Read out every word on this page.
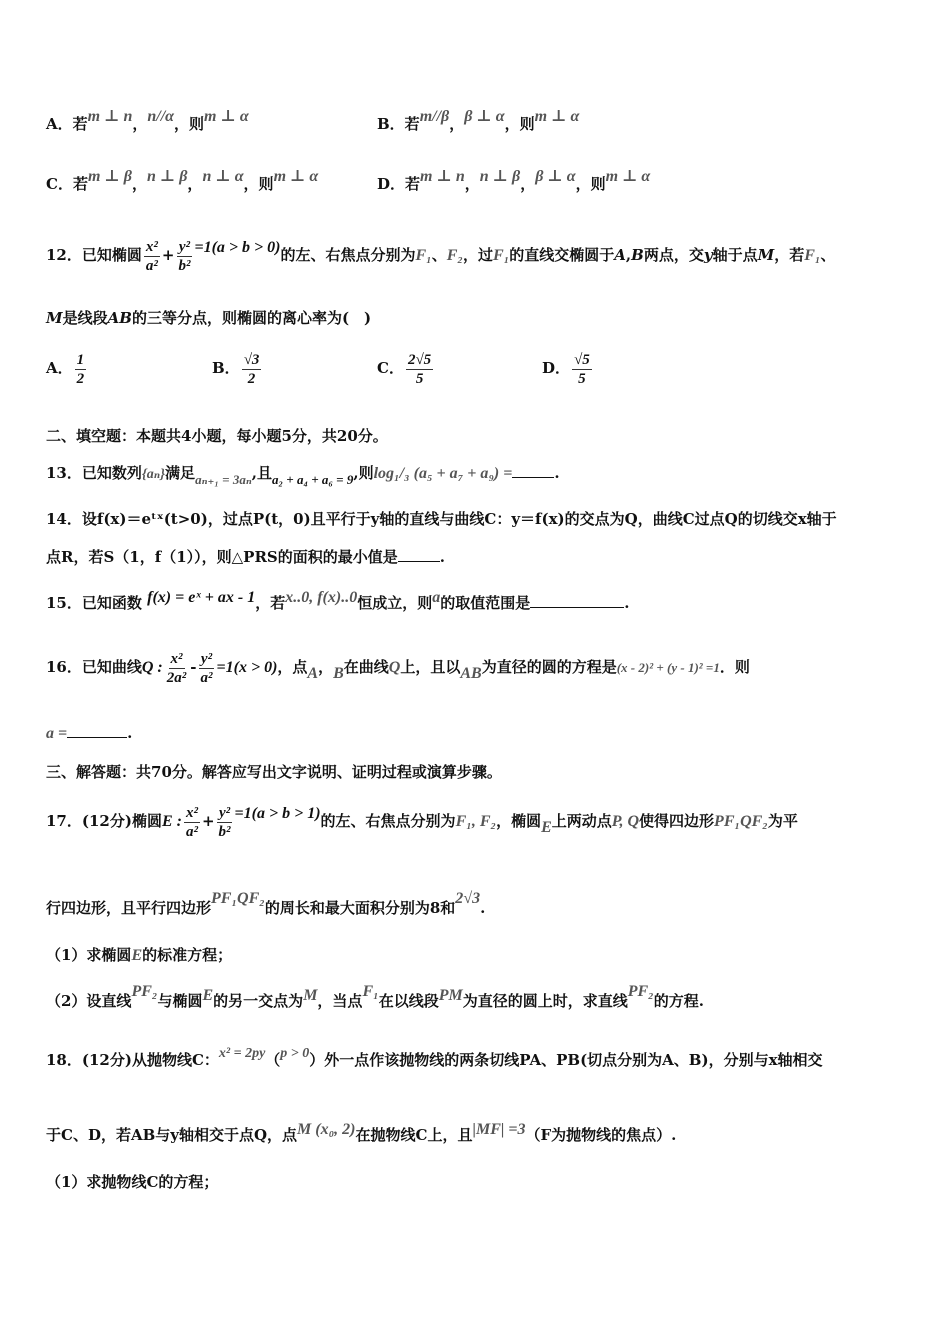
A．若m ⊥ n，n//α，则m ⊥ α	B．若m//β，β ⊥ α，则m ⊥ α
C．若m ⊥ β，n ⊥ β，n ⊥ α，则m ⊥ α	D．若m ⊥ n，n ⊥ β，β ⊥ α，则m ⊥ α
12．已知椭圆 $\frac{\text{x²}}{\text{a²}} + \frac{\text{y²}}{\text{b²}} =1(a > b > 0)$的左、右焦点分别为F₁、F₂，过F₁的直线交椭圆于A,B两点，交y轴于点M，若F₁、
M是线段AB的三等分点，则椭圆的离心率为(　)
A． $\frac{1}{2}$	B． $\frac{√3}{2}$	C． $\frac{2√5}{5}$	D． $\frac{√5}{5}$
二、填空题：本题共4小题，每小题5分，共20分。
13．已知数列{aₙ}满足aₙ₊₁ = 3aₙ,且a₂ + a₄ + a₆ = 9,则log₁/₃ (a₅ + a₇ + a₉) =	.
14．设f(x)＝eᵗˣ(t>0)，过点P(t，0)且平行于y轴的直线与曲线C：y＝f(x)的交点为Q，曲线C过点Q的切线交x轴于
点R，若S（1，f（1）），则△PRS的面积的最小值是	.
15．已知函数 f(x) = eˣ + ax - 1，若x..0, f(x)..0恒成立，则a的取值范围是	.
16．已知曲线Q : $\frac{\text{x²}}{\text{2a²}} - \frac{\text{y²}}{\text{a²}} =1(x > 0)$，点A，B在曲线Q上，且以AB为直径的圆的方程是(x - 2)² + (y - 1)² =1．则
a =	.
三、解答题：共70分。解答应写出文字说明、证明过程或演算步骤。
17．(12分)椭圆E : $\frac{\text{x²}}{\text{a²}} + \frac{\text{y²}}{\text{b²}} =1(a > b > 1)$的左、右焦点分别为F₁, F₂，椭圆E上两动点P, Q使得四边形PF₁QF₂为平
行四边形，且平行四边形PF₁QF₂的周长和最大面积分别为8和2√3.
（1）求椭圆E的标准方程；
（2）设直线PF₂与椭圆E的另一交点为M，当点F₁在以线段PM为直径的圆上时，求直线PF₂的方程.
18．(12分)从抛物线C：x² = 2py（p > 0）外一点作该抛物线的两条切线PA、PB(切点分别为A、B)，分别与x轴相交
于C、D，若AB与y轴相交于点Q，点M (x₀, 2)在抛物线C上，且|MF| =3（F为抛物线的焦点）.
（1）求抛物线C的方程；
